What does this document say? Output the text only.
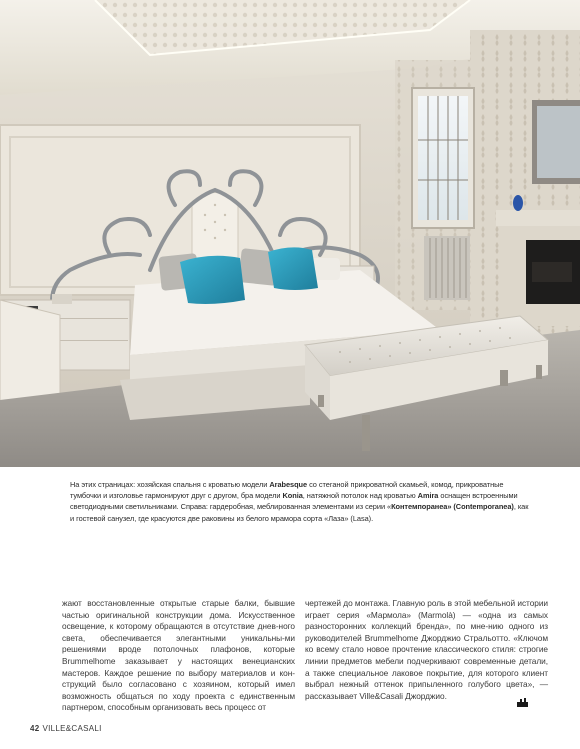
На этих страницах: хозяйская спальня с кроватью модели Arabesque со стеганой прикроватной скамьей, комод, прикроватные
тумбочки и изголовье гармонируют друг с другом, бра модели Konia, натяжной потолок над кроватью Amira оснащен встроенными
светодиодными светильниками. Справа: гардеробная, меблированная элементами из серии «Контемпоранеа» (Contemporanea), как
и гостевой санузел, где красуются две раковины из белого мрамора сорта «Лаза» (Lasa).

жают восстановленные открытые старые балки, бывшие частью оригинальной конструкции дома. Искусственное освещение, к которому обращаются в отсутствие днев-ного света, обеспечивается элегантными уникальны-ми решениями вроде потолочных плафонов, которые Brummelhome заказывает у настоящих венецианских мастеров. Каждое решение по выбору материалов и кон-струкций было согласовано с хозяином, который имел возможность общаться по ходу проекта с единственным партнером, способным организовать весь процесс от

чертежей до монтажа. Главную роль в этой мебельной истории играет серия «Мармола» (Marmolà) — «одна из самых разносторонних коллекций бренда», по мне-нию одного из руководителей Brummelhome Джорджио Стральотто. «Ключом ко всему стало новое прочтение классического стиля: строгие линии предметов мебели подчеркивают современные детали, а также специальное лаковое покрытие, для которого клиент выбрал нежный оттенок припыленного голубого цвета», — рассказывает Ville&Casali Джорджио.

42 VILLE&CASALI
